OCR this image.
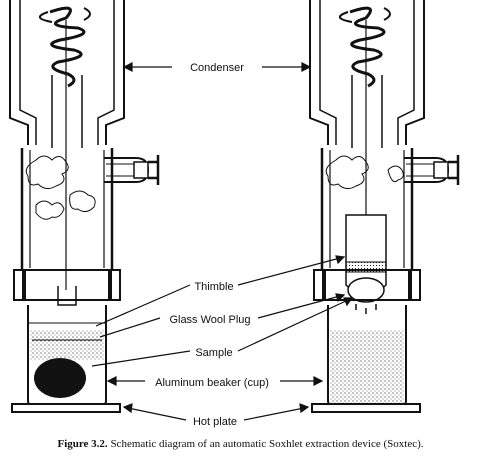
Condenser
Thimble
Glass Wool Plug
Sample
Aluminum beaker (cup)
Hot plate
Figure 3.2. Schematic diagram of an automatic Soxhlet extraction device (Soxtec).
